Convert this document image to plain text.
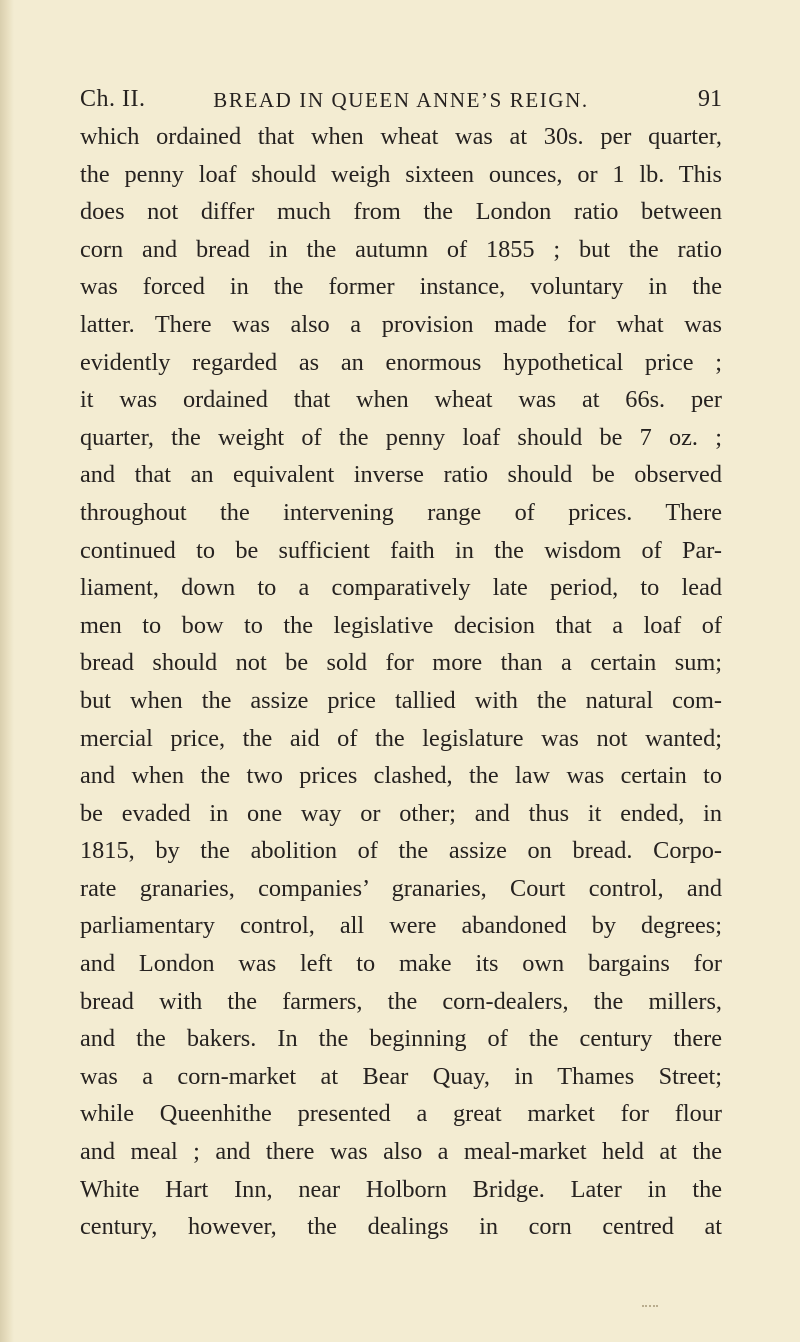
Ch. II.	BREAD IN QUEEN ANNE’S REIGN.	91
which ordained that when wheat was at 30s. per quarter,
the penny loaf should weigh sixteen ounces, or 1 lb. This
does not differ much from the London ratio between
corn and bread in the autumn of 1855 ; but the ratio
was forced in the former instance, voluntary in the
latter. There was also a provision made for what was
evidently regarded as an enormous hypothetical price ;
it was ordained that when wheat was at 66s. per
quarter, the weight of the penny loaf should be 7 oz. ;
and that an equivalent inverse ratio should be observed
throughout the intervening range of prices. There
continued to be sufficient faith in the wisdom of Par-
liament, down to a comparatively late period, to lead
men to bow to the legislative decision that a loaf of
bread should not be sold for more than a certain sum;
but when the assize price tallied with the natural com-
mercial price, the aid of the legislature was not wanted;
and when the two prices clashed, the law was certain to
be evaded in one way or other; and thus it ended, in
1815, by the abolition of the assize on bread. Corpo-
rate granaries, companies’ granaries, Court control, and
parliamentary control, all were abandoned by degrees;
and London was left to make its own bargains for
bread with the farmers, the corn-dealers, the millers,
and the bakers. In the beginning of the century there
was a corn-market at Bear Quay, in Thames Street;
while Queenhithe presented a great market for flour
and meal ; and there was also a meal-market held at the
White Hart Inn, near Holborn Bridge. Later in the
century, however, the dealings in corn centred at
